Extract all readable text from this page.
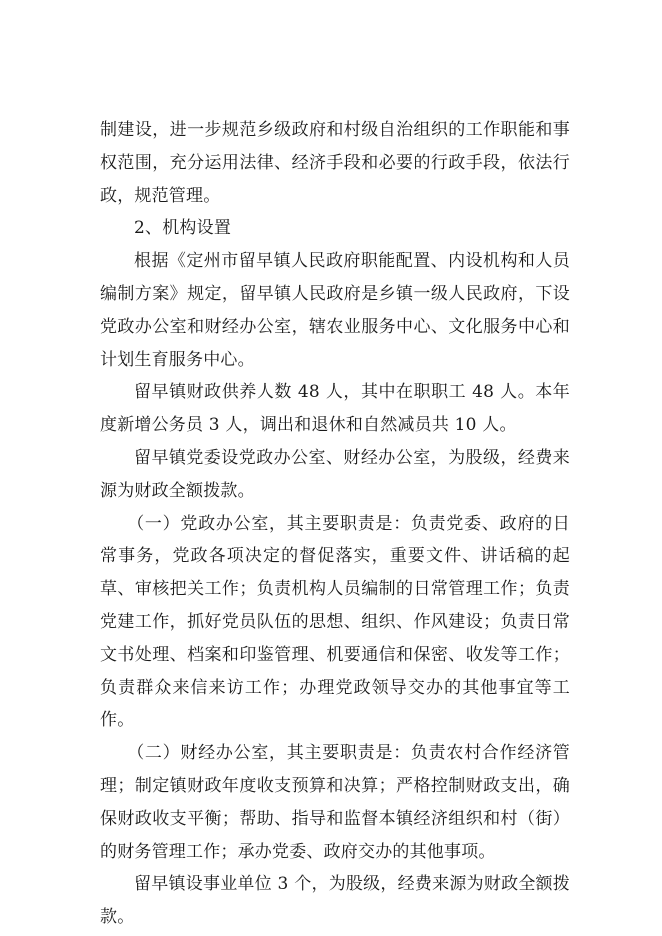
制建设，进一步规范乡级政府和村级自治组织的工作职能和事权范围，充分运用法律、经济手段和必要的行政手段，依法行政，规范管理。

2、机构设置

根据《定州市留早镇人民政府职能配置、内设机构和人员编制方案》规定，留早镇人民政府是乡镇一级人民政府，下设党政办公室和财经办公室，辖农业服务中心、文化服务中心和计划生育服务中心。

留早镇财政供养人数 48 人，其中在职职工 48 人。本年度新增公务员 3 人，调出和退休和自然减员共 10 人。

留早镇党委设党政办公室、财经办公室，为股级，经费来源为财政全额拨款。

（一）党政办公室，其主要职责是：负责党委、政府的日常事务，党政各项决定的督促落实，重要文件、讲话稿的起草、审核把关工作；负责机构人员编制的日常管理工作；负责党建工作，抓好党员队伍的思想、组织、作风建设；负责日常文书处理、档案和印鉴管理、机要通信和保密、收发等工作；负责群众来信来访工作；办理党政领导交办的其他事宜等工作。

（二）财经办公室，其主要职责是：负责农村合作经济管理；制定镇财政年度收支预算和决算；严格控制财政支出，确保财政收支平衡；帮助、指导和监督本镇经济组织和村（街）的财务管理工作；承办党委、政府交办的其他事项。

留早镇设事业单位 3 个，为股级，经费来源为财政全额拨款。
